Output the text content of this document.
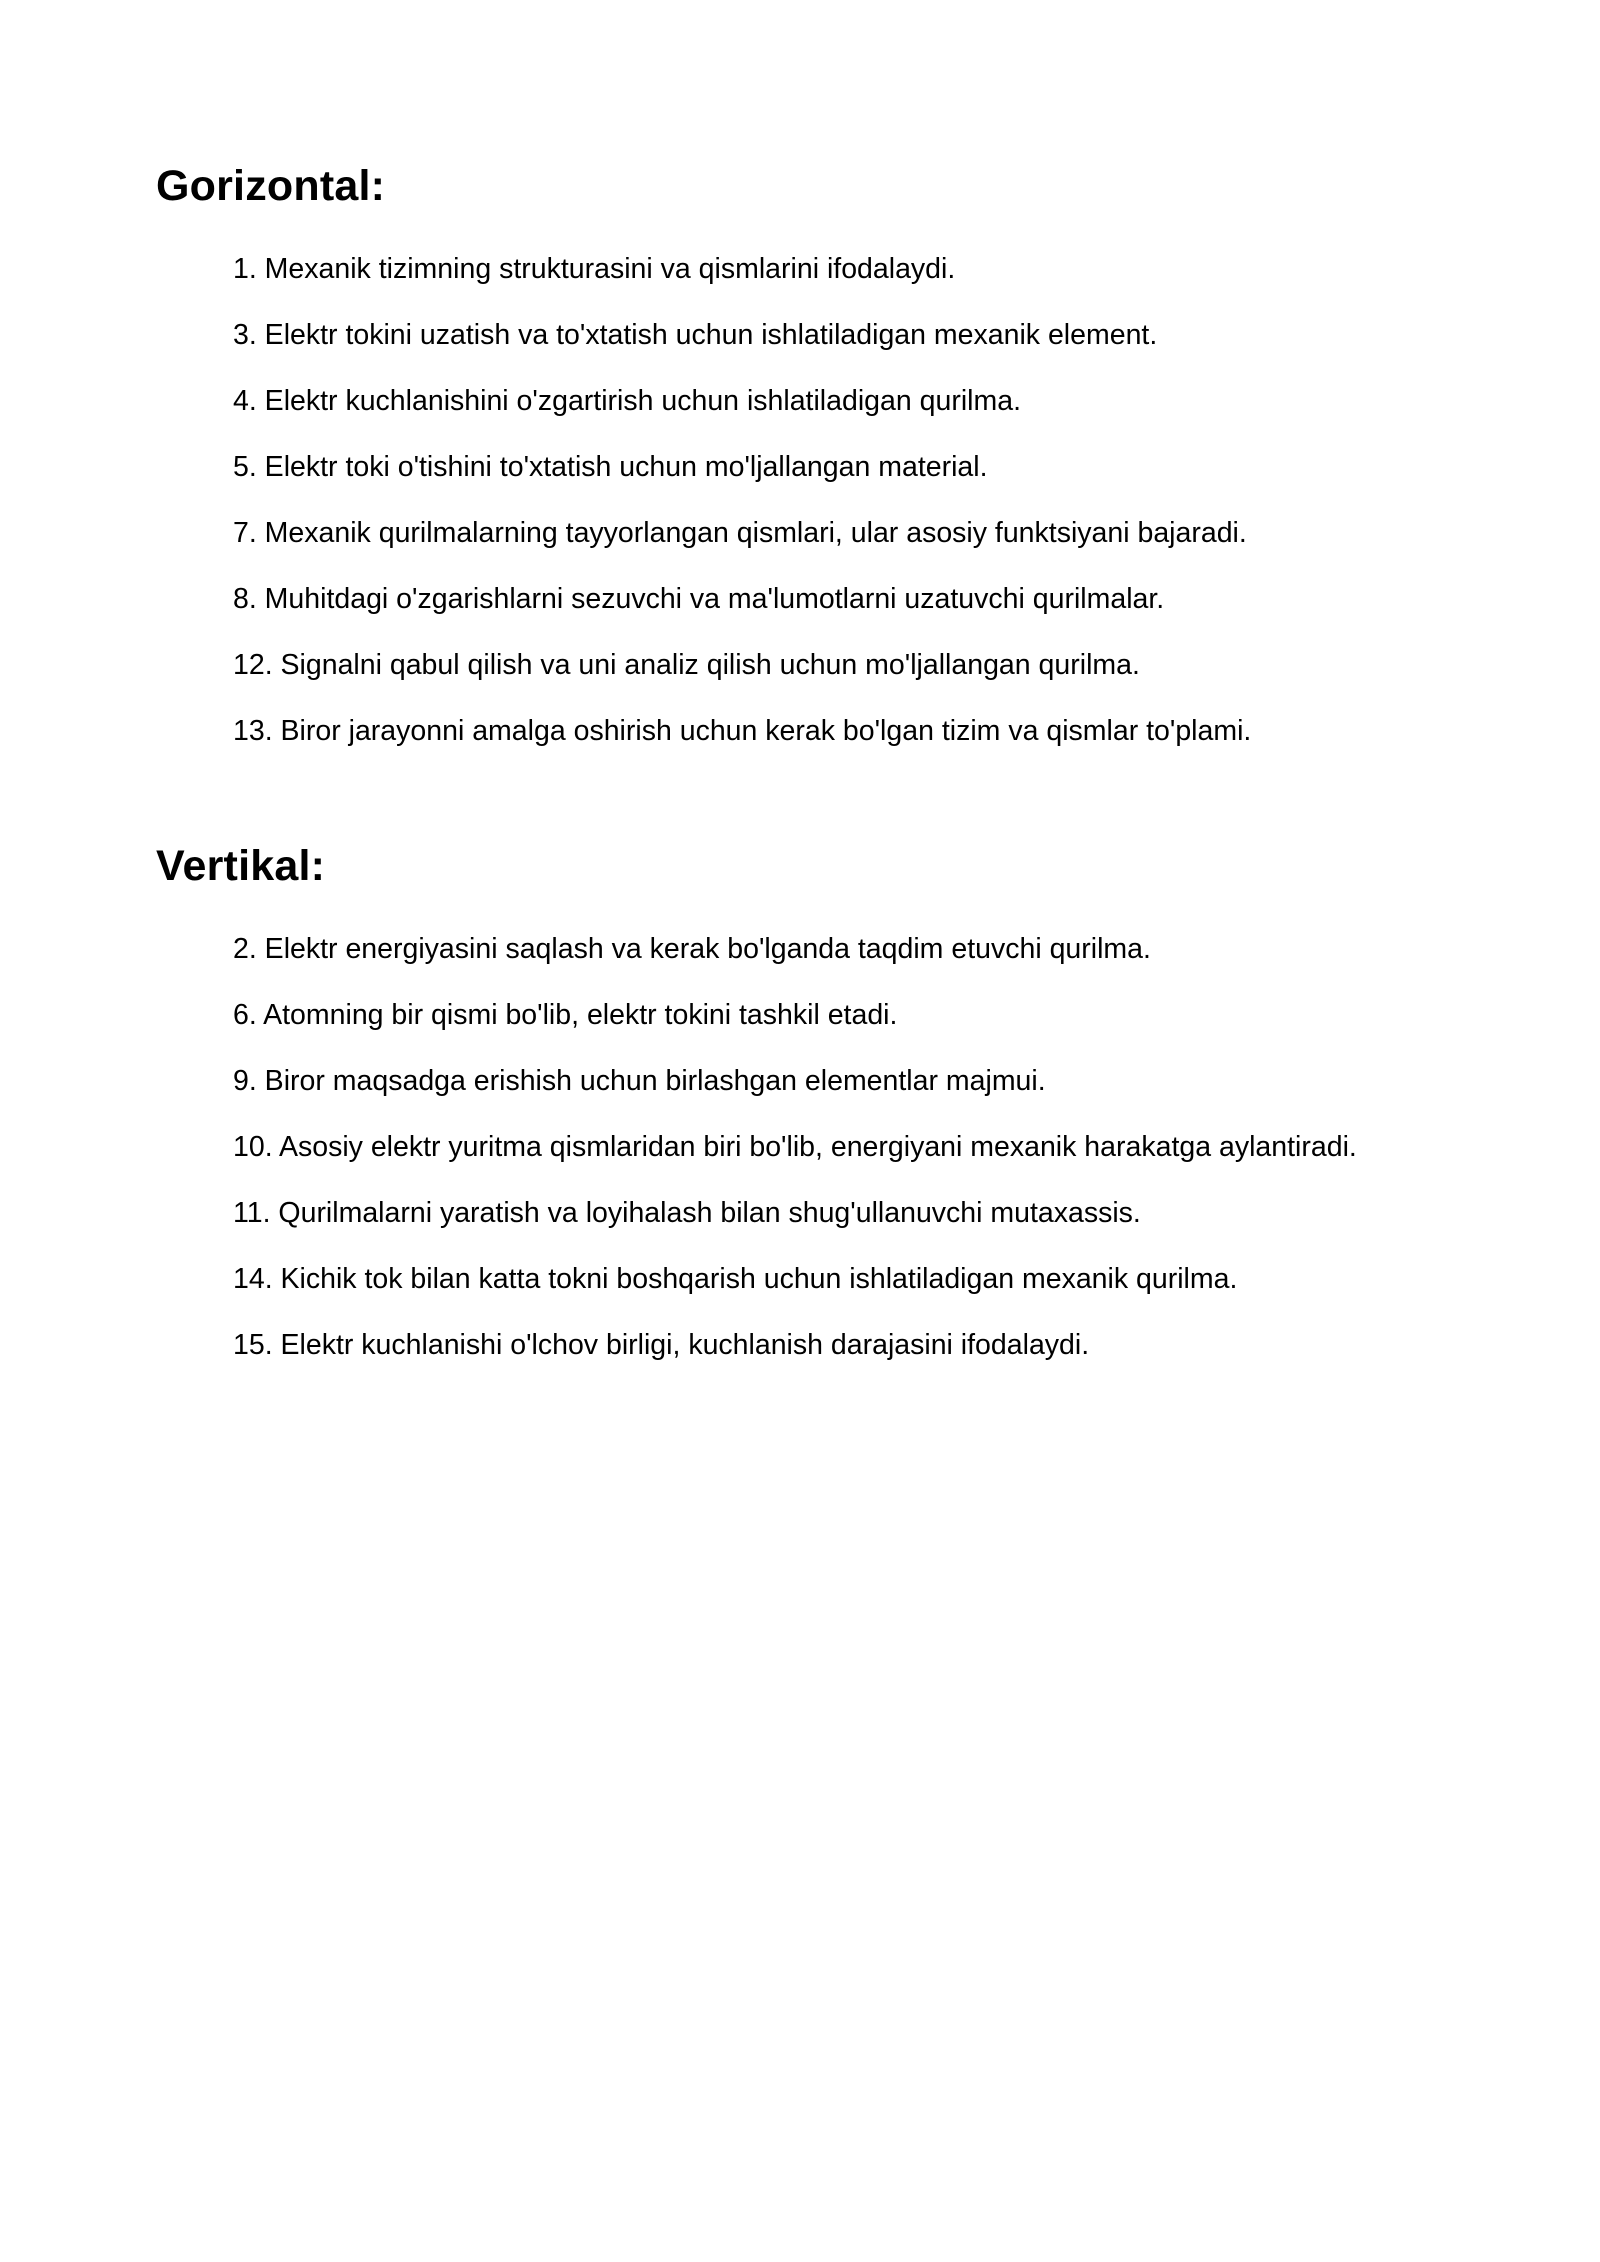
Gorizontal:
1. Mexanik tizimning strukturasini va qismlarini ifodalaydi.
3. Elektr tokini uzatish va to'xtatish uchun ishlatiladigan mexanik element.
4. Elektr kuchlanishini o'zgartirish uchun ishlatiladigan qurilma.
5. Elektr toki o'tishini to'xtatish uchun mo'ljallangan material.
7. Mexanik qurilmalarning tayyorlangan qismlari, ular asosiy funktsiyani bajaradi.
8. Muhitdagi o'zgarishlarni sezuvchi va ma'lumotlarni uzatuvchi qurilmalar.
12. Signalni qabul qilish va uni analiz qilish uchun mo'ljallangan qurilma.
13. Biror jarayonni amalga oshirish uchun kerak bo'lgan tizim va qismlar to'plami.
Vertikal:
2. Elektr energiyasini saqlash va kerak bo'lganda taqdim etuvchi qurilma.
6. Atomning bir qismi bo'lib, elektr tokini tashkil etadi.
9. Biror maqsadga erishish uchun birlashgan elementlar majmui.
10. Asosiy elektr yuritma qismlaridan biri bo'lib, energiyani mexanik harakatga aylantiradi.
11. Qurilmalarni yaratish va loyihalash bilan shug'ullanuvchi mutaxassis.
14. Kichik tok bilan katta tokni boshqarish uchun ishlatiladigan mexanik qurilma.
15. Elektr kuchlanishi o'lchov birligi, kuchlanish darajasini ifodalaydi.
